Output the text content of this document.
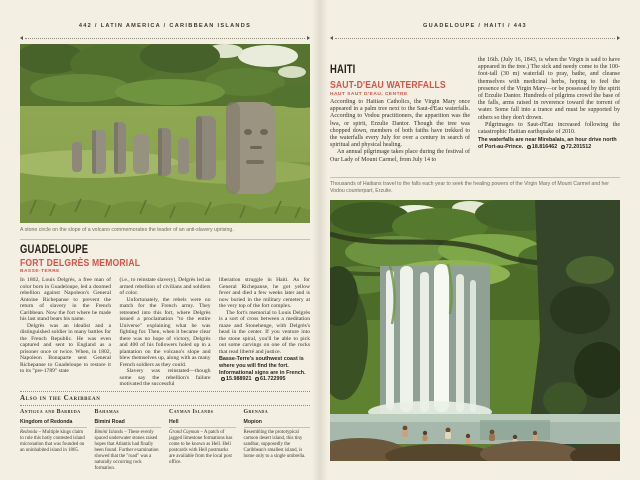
442 / LATIN AMERICA / CARIBBEAN ISLANDS
A stone circle on the slope of a volcano commemorates the leader of an anti-slavery uprising.
GUADELOUPE
FORT DELGRÈS MEMORIAL
BASSE-TERRE

In 1802, Louis Delgrès, a free man of color born in Guadeloupe, led a doomed rebellion against Napoleon's General Antoine Richepanse to prevent the return of slavery in the French Caribbean. Now the fort where he made his last stand bears his name.

Delgrès was an idealist and a distinguished soldier in many battles for the French Republic. He was even captured and sent to England as a prisoner once or twice. When, in 1802, Napoleon Bonaparte sent General Richepanse to Guadeloupe to restore it to its "pre-1789" state

(i.e., to reinstate slavery), Delgrès led an armed rebellion of civilians and soldiers of color.

Unfortunately, the rebels were no match for the French army. They retreated into this fort, where Delgrès issued a proclamation "to the entire Universe" explaining what he was fighting for. Then, when it became clear there was no hope of victory, Delgrès and 400 of his followers holed up in a plantation on the volcano's slope and blew themselves up, along with as many French soldiers as they could.

Slavery was reinstated—though some say the rebellion's failure motivated the successful

liberation struggle in Haiti. As for General Richepanse, he got yellow fever and died a few weeks later and is now buried in the military cemetery at the very top of the fort complex.

The fort's memorial to Louis Delgrès is a sort of cross between a meditation maze and Stonehenge, with Delgrès's head in the center. If you venture into the stone spiral, you'll be able to pick out some carvings on one of the rocks that read liberté and justice.

Basse-Terre's southwest coast is where you will find the fort. Informational signs are in French. 15.988921 61.722995

Also in the Caribbean
Antigua and Barbuda
Kingdom of Redonda

Redonda – Multiple kings claim to rule this hotly contested island micronation that was founded on an uninhabited island in 1865.

Bahamas
Bimini Road

Bimini Islands – These evenly spaced underwater stones raised hopes that Atlantis had finally been found. Further examination showed that the "road" was a naturally occurring rock formation.

Cayman Islands
Hell

Grand Cayman – A patch of jagged limestone formations has come to be known as Hell. Hell postcards with Hell postmarks are available from the local post office.

Grenada
Mopion

Resembling the prototypical cartoon desert island, this tiny sandbar, supposedly the Caribbean's smallest island, is home only to a single umbrella.

GUADELOUPE / HAITI / 443
HAITI
SAUT-D'EAU WATERFALLS
HAUT SAUT D'EAU, CENTRE

According to Haitian Catholics, the Virgin Mary once appeared in a palm tree next to the Saut-d'Eau waterfalls. According to Vodou practitioners, the apparition was the lwa, or spirit, Erzulie Dantor. Though the tree was chopped down, members of both faiths have trekked to the waterfalls every July for over a century in search of spiritual and physical healing.

An annual pilgrimage takes place during the festival of Our Lady of Mount Carmel, from July 14 to

the 16th. (July 16, 1843, is when the Virgin is said to have appeared in the tree.) The sick and needy come to the 100-foot-tall (30 m) waterfall to pray, bathe, and cleanse themselves with medicinal herbs, hoping to feel the presence of the Virgin Mary—or be possessed by the spirit of Erzulie Dantor. Hundreds of pilgrims crowd the base of the falls, arms raised in reverence toward the torrent of water. Some fall into a trance and must be supported by others so they don't drown.

Pilgrimages to Saut-d'Eau increased following the catastrophic Haitian earthquake of 2010.

The waterfalls are near Mirebalais, an hour drive north of Port-au-Prince. 18.816462 72.201512

Thousands of Haitians travel to the falls each year to seek the healing powers of the Virgin Mary of Mount Carmel and her Vodou counterpart, Erzulie.
